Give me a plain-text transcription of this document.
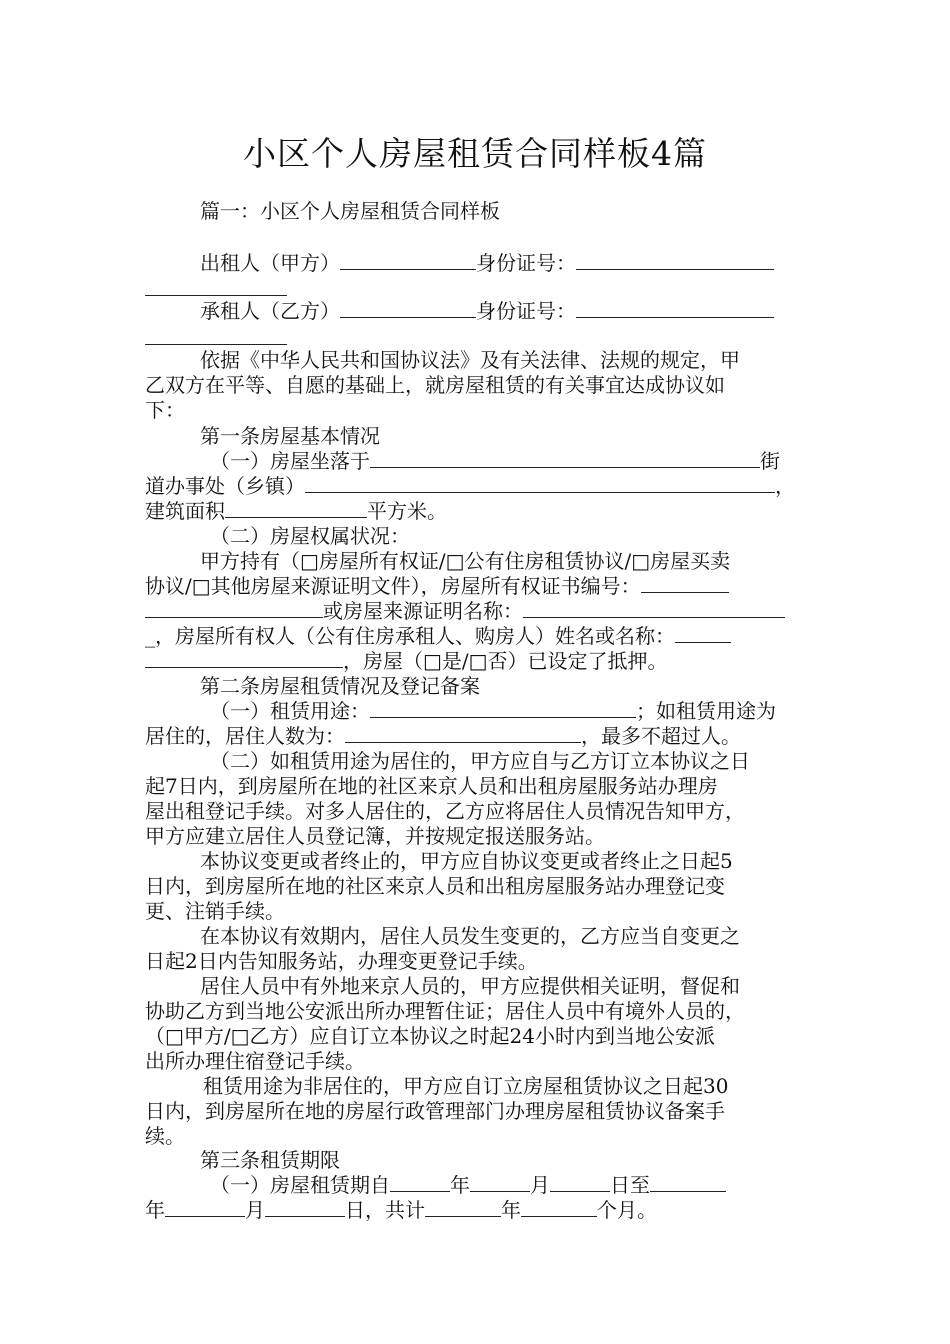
小区个人房屋租赁合同样板4篇
篇一：小区个人房屋租赁合同样板
出租人（甲方）	身份证号：
承租人（乙方）	身份证号：
依据《中华人民共和国协议法》及有关法律、法规的规定，甲
乙双方在平等、自愿的基础上，就房屋租赁的有关事宜达成协议如
下：
第一条房屋基本情况
（一）房屋坐落于	街
道办事处（乡镇）	，
建筑面积	平方米。
（二）房屋权属状况：
甲方持有（□房屋所有权证/□公有住房租赁协议/□房屋买卖
协议/□其他房屋来源证明文件），房屋所有权证书编号：
或房屋来源证明名称：
_，房屋所有权人（公有住房承租人、购房人）姓名或名称：
，房屋（□是/□否）已设定了抵押。
第二条房屋租赁情况及登记备案
（一）租赁用途：	；如租赁用途为
居住的，居住人数为：	，最多不超过人。
（二）如租赁用途为居住的，甲方应自与乙方订立本协议之日
起7日内，到房屋所在地的社区来京人员和出租房屋服务站办理房
屋出租登记手续。对多人居住的，乙方应将居住人员情况告知甲方，
甲方应建立居住人员登记簿，并按规定报送服务站。
本协议变更或者终止的，甲方应自协议变更或者终止之日起5
日内，到房屋所在地的社区来京人员和出租房屋服务站办理登记变
更、注销手续。
在本协议有效期内，居住人员发生变更的，乙方应当自变更之
日起2日内告知服务站，办理变更登记手续。
居住人员中有外地来京人员的，甲方应提供相关证明，督促和
协助乙方到当地公安派出所办理暂住证；居住人员中有境外人员的，
（□甲方/□乙方）应自订立本协议之时起24小时内到当地公安派
出所办理住宿登记手续。
租赁用途为非居住的，甲方应自订立房屋租赁协议之日起30
日内，到房屋所在地的房屋行政管理部门办理房屋租赁协议备案手
续。
第三条租赁期限
（一）房屋租赁期自	年	月	日至
年	月	日，共计	年	个月。
